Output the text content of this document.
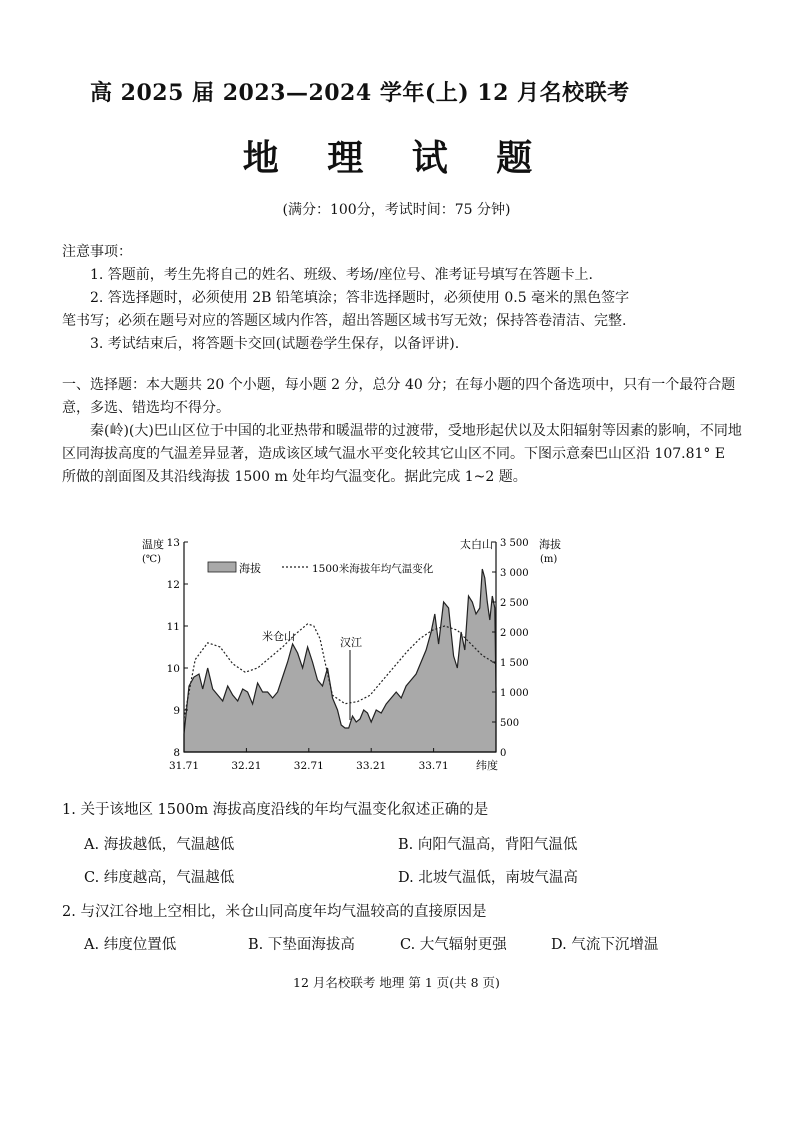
高 2025 届 2023—2024 学年(上) 12 月名校联考
地 理 试 题
(满分：100分，考试时间：75 分钟)
注意事项：
1. 答题前，考生先将自己的姓名、班级、考场/座位号、准考证号填写在答题卡上.
2. 答选择题时，必须使用 2B 铅笔填涂；答非选择题时，必须使用 0.5 毫米的黑色签字
笔书写；必须在题号对应的答题区域内作答，超出答题区域书写无效；保持答卷清洁、完整.
3. 考试结束后，将答题卡交回(试题卷学生保存，以备评讲).
一、选择题：本大题共 20 个小题，每小题 2 分，总分 40 分；在每小题的四个备选项中，只有一个最符合题意，多选、错选均不得分。
秦(岭)(大)巴山区位于中国的北亚热带和暖温带的过渡带，受地形起伏以及太阳辐射等因素的影响，不同地区同海拔高度的气温差异显著，造成该区域气温水平变化较其它山区不同。下图示意秦巴山区沿 107.81° E 所做的剖面图及其沿线海拔 1500 m 处年均气温变化。据此完成 1~2 题。
13
12
11
10
9
8
3 500
3 000
2 500
2 000
1 500
1 000
500
0
31.71	32.21	32.71	33.21	33.71
温度
(℃)
海拔
(m)
纬度
海拔	1500米海拔年均气温变化
米仓山	汉江
太白山
1. 关于该地区 1500m 海拔高度沿线的年均气温变化叙述正确的是
A. 海拔越低，气温越低	B. 向阳气温高，背阳气温低
C. 纬度越高，气温越低	D. 北坡气温低，南坡气温高
2. 与汉江谷地上空相比，米仓山同高度年均气温较高的直接原因是
A. 纬度位置低	B. 下垫面海拔高	C. 大气辐射更强	D. 气流下沉增温
12 月名校联考 地理 第 1 页(共 8 页)
